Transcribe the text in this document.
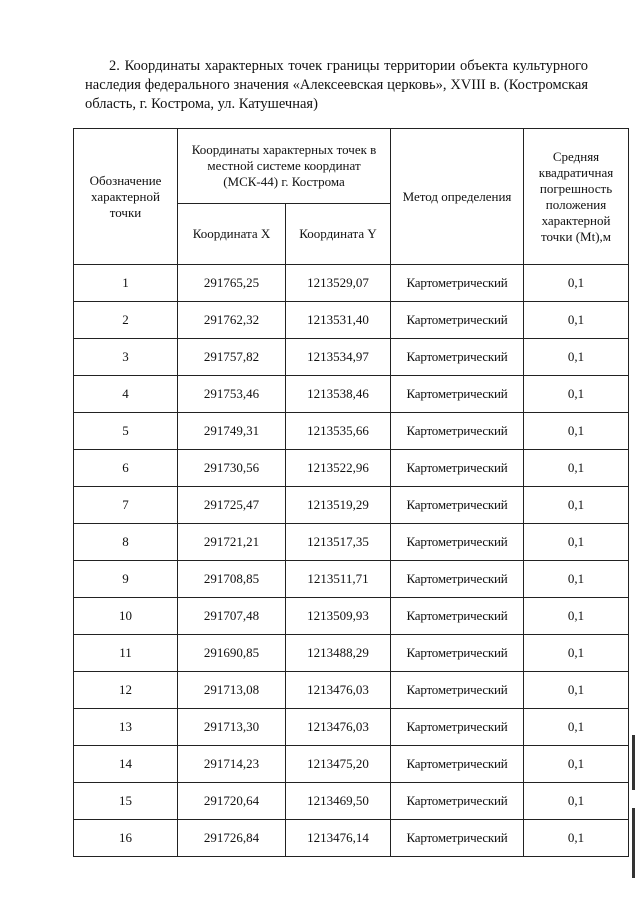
2. Координаты характерных точек границы территории объекта культурного наследия федерального значения «Алексеевская церковь», XVIII в. (Костромская область, г. Кострома, ул. Катушечная)
Обозначение характерной точки	Координаты характерных точек в местной системе координат (МСК-44) г. Кострома		Метод определения	Средняя квадратичная погрешность положения характерной точки (Mt),м
	Координата X	Координата Y		
1	291765,25	1213529,07	Картометрический	0,1
2	291762,32	1213531,40	Картометрический	0,1
3	291757,82	1213534,97	Картометрический	0,1
4	291753,46	1213538,46	Картометрический	0,1
5	291749,31	1213535,66	Картометрический	0,1
6	291730,56	1213522,96	Картометрический	0,1
7	291725,47	1213519,29	Картометрический	0,1
8	291721,21	1213517,35	Картометрический	0,1
9	291708,85	1213511,71	Картометрический	0,1
10	291707,48	1213509,93	Картометрический	0,1
11	291690,85	1213488,29	Картометрический	0,1
12	291713,08	1213476,03	Картометрический	0,1
13	291713,30	1213476,03	Картометрический	0,1
14	291714,23	1213475,20	Картометрический	0,1
15	291720,64	1213469,50	Картометрический	0,1
16	291726,84	1213476,14	Картометрический	0,1
